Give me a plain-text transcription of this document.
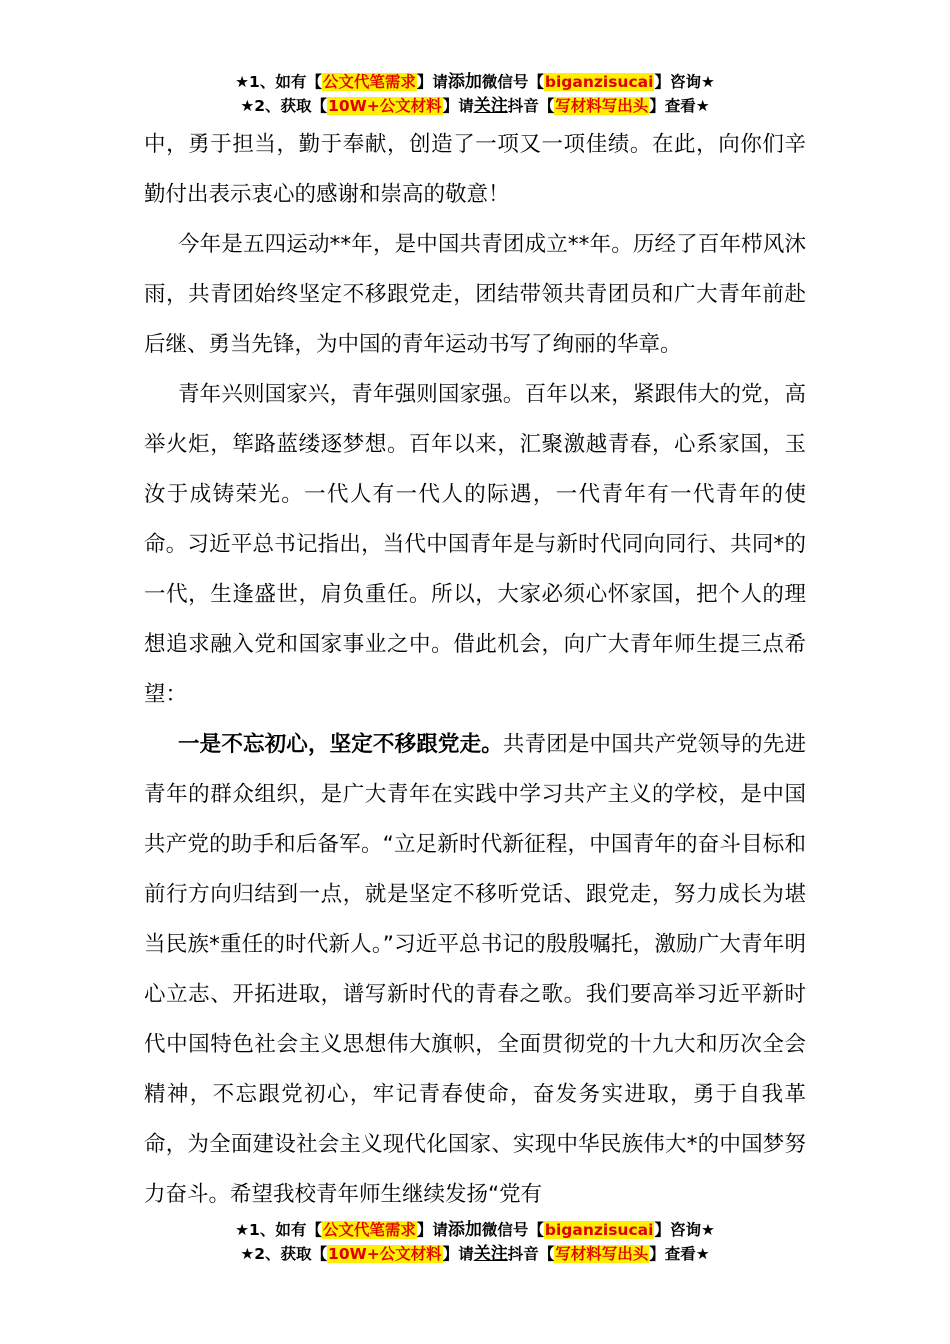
★1、如有【公文代笔需求】请添加微信号【biganzisucai】咨询★
★2、获取【10W+公文材料】请关注抖音【写材料写出头】查看★

中，勇于担当，勤于奉献，创造了一项又一项佳绩。在此，向你们辛勤付出表示衷心的感谢和崇高的敬意！

今年是五四运动**年，是中国共青团成立**年。历经了百年栉风沐雨，共青团始终坚定不移跟党走，团结带领共青团员和广大青年前赴后继、勇当先锋，为中国的青年运动书写了绚丽的华章。

青年兴则国家兴，青年强则国家强。百年以来，紧跟伟大的党，高举火炬，筚路蓝缕逐梦想。百年以来，汇聚激越青春，心系家国，玉汝于成铸荣光。一代人有一代人的际遇，一代青年有一代青年的使命。习近平总书记指出，当代中国青年是与新时代同向同行、共同*的一代，生逢盛世，肩负重任。所以，大家必须心怀家国，把个人的理想追求融入党和国家事业之中。借此机会，向广大青年师生提三点希望：

一是不忘初心，坚定不移跟党走。共青团是中国共产党领导的先进青年的群众组织，是广大青年在实践中学习共产主义的学校，是中国共产党的助手和后备军。“立足新时代新征程，中国青年的奋斗目标和前行方向归结到一点，就是坚定不移听党话、跟党走，努力成长为堪当民族*重任的时代新人。”习近平总书记的殷殷嘱托，激励广大青年明心立志、开拓进取，谱写新时代的青春之歌。我们要高举习近平新时代中国特色社会主义思想伟大旗帜，全面贯彻党的十九大和历次全会精神，不忘跟党初心，牢记青春使命，奋发务实进取，勇于自我革命，为全面建设社会主义现代化国家、实现中华民族伟大*的中国梦努力奋斗。希望我校青年师生继续发扬“党有

★1、如有【公文代笔需求】请添加微信号【biganzisucai】咨询★
★2、获取【10W+公文材料】请关注抖音【写材料写出头】查看★
